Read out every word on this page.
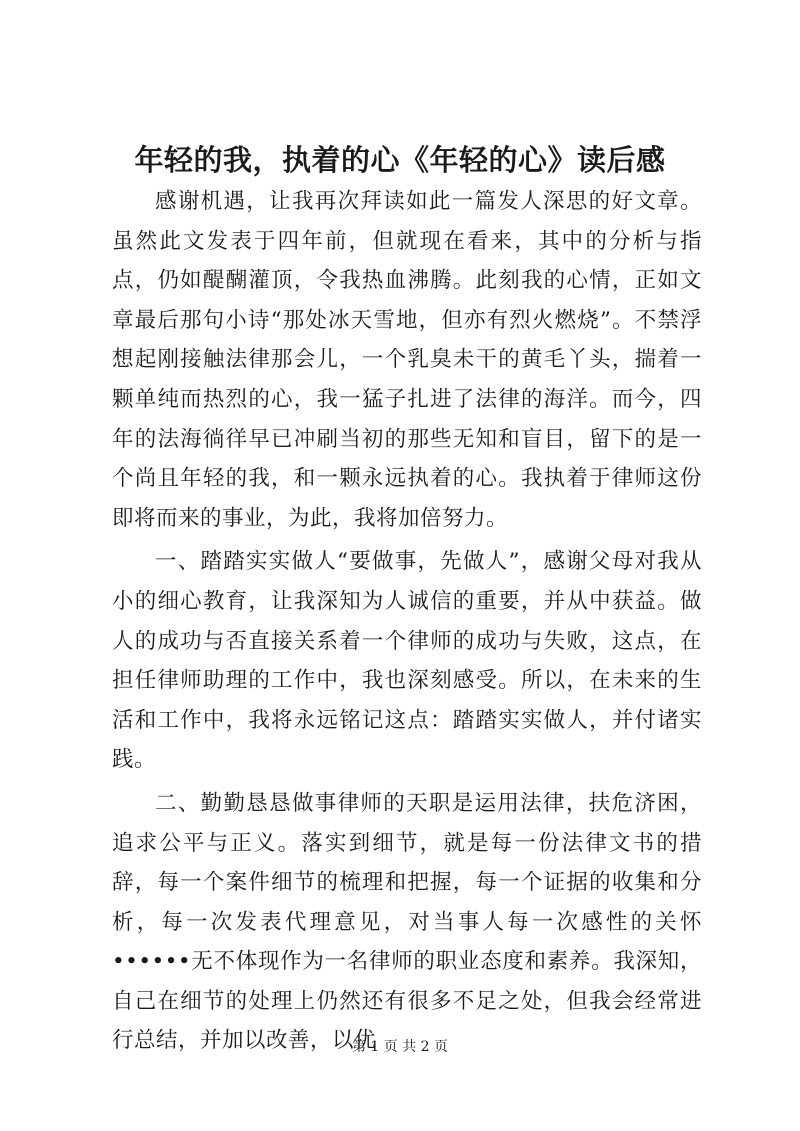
年轻的我，执着的心《年轻的心》读后感

感谢机遇，让我再次拜读如此一篇发人深思的好文章。虽然此文发表于四年前，但就现在看来，其中的分析与指点，仍如醍醐灌顶，令我热血沸腾。此刻我的心情，正如文章最后那句小诗“那处冰天雪地，但亦有烈火燃烧”。不禁浮想起刚接触法律那会儿，一个乳臭未干的黄毛丫头，揣着一颗单纯而热烈的心，我一猛子扎进了法律的海洋。而今，四年的法海徜徉早已冲刷当初的那些无知和盲目，留下的是一个尚且年轻的我，和一颗永远执着的心。我执着于律师这份即将而来的事业，为此，我将加倍努力。

一、踏踏实实做人“要做事，先做人”，感谢父母对我从小的细心教育，让我深知为人诚信的重要，并从中获益。做人的成功与否直接关系着一个律师的成功与失败，这点，在担任律师助理的工作中，我也深刻感受。所以，在未来的生活和工作中，我将永远铭记这点：踏踏实实做人，并付诸实践。

二、勤勤恳恳做事律师的天职是运用法律，扶危济困，追求公平与正义。落实到细节，就是每一份法律文书的措辞，每一个案件细节的梳理和把握，每一个证据的收集和分析，每一次发表代理意见，对当事人每一次感性的关怀••••••无不体现作为一名律师的职业态度和素养。我深知，自己在细节的处理上仍然还有很多不足之处，但我会经常进行总结，并加以改善，以优

第 1 页 共 2 页
